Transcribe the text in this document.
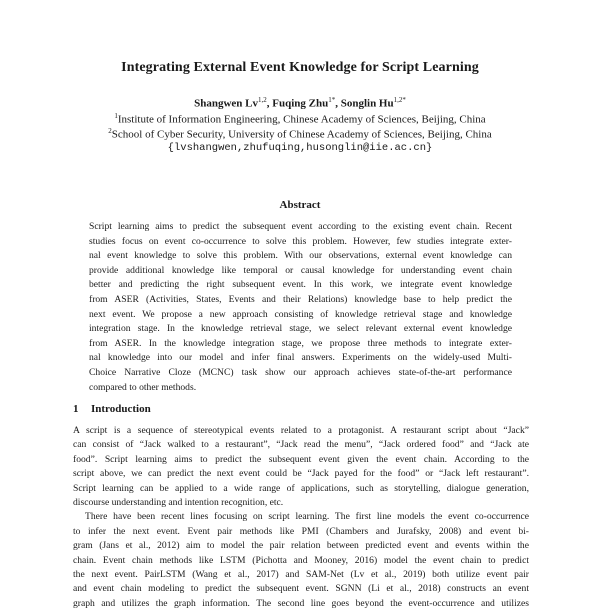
Integrating External Event Knowledge for Script Learning
Shangwen Lv$^{1,2}$, Fuqing Zhu$^{1*}$, Songlin $Hu^{1,2*}$
$^1$Institute of Information Engineering, Chinese Academy of Sciences, Beijing, China
$^2$School of Cyber Security, University of Chinese Academy of Sciences, Beijing, China
{lvshangwen,zhufuqing,husonglin@iie.ac.cn}
Abstract
Script learning aims to predict the subsequent event according to the existing event chain. Recent
studies focus on event co-occurrence to solve this problem. However, few studies integrate exter-
nal event knowledge to solve this problem. With our observations, external event knowledge can
provide additional knowledge like temporal or causal knowledge for understanding event chain
better and predicting the right subsequent event. In this work, we integrate event knowledge
from ASER (Activities, States, Events and their Relations) knowledge base to help predict the
next event. We propose a new approach consisting of knowledge retrieval stage and knowledge
integration stage. In the knowledge retrieval stage, we select relevant external event knowledge
from ASER. In the knowledge integration stage, we propose three methods to integrate exter-
nal knowledge into our model and infer final answers. Experiments on the widely-used Multi-
Choice Narrative Cloze (MCNC) task show our approach achieves state-of-the-art performance
compared to other methods.
1 Introduction
A script is a sequence of stereotypical events related to a protagonist. A restaurant script about “Jack”
can consist of “Jack walked to a restaurant”, “Jack read the menu”, “Jack ordered food” and “Jack ate
food”. Script learning aims to predict the subsequent event given the event chain. According to the
script above, we can predict the next event could be “Jack payed for the food” or “Jack left restaurant”.
Script learning can be applied to a wide range of applications, such as storytelling, dialogue generation,
discourse understanding and intention recognition, etc.
There have been recent lines focusing on script learning. The first line models the event co-occurrence
to infer the next event. Event pair methods like PMI (Chambers and Jurafsky, 2008) and event bi-
gram (Jans et al., 2012) aim to model the pair relation between predicted event and events within the
chain. Event chain methods like LSTM (Pichotta and Mooney, 2016) model the event chain to predict
the next event. PairLSTM (Wang et al., 2017) and SAM-Net (Lv et al., 2019) both utilize event pair
and event chain modeling to predict the subsequent event. SGNN (Li et al., 2018) constructs an event
graph and utilizes the graph information. The second line goes beyond the event-occurrence and utilizes
